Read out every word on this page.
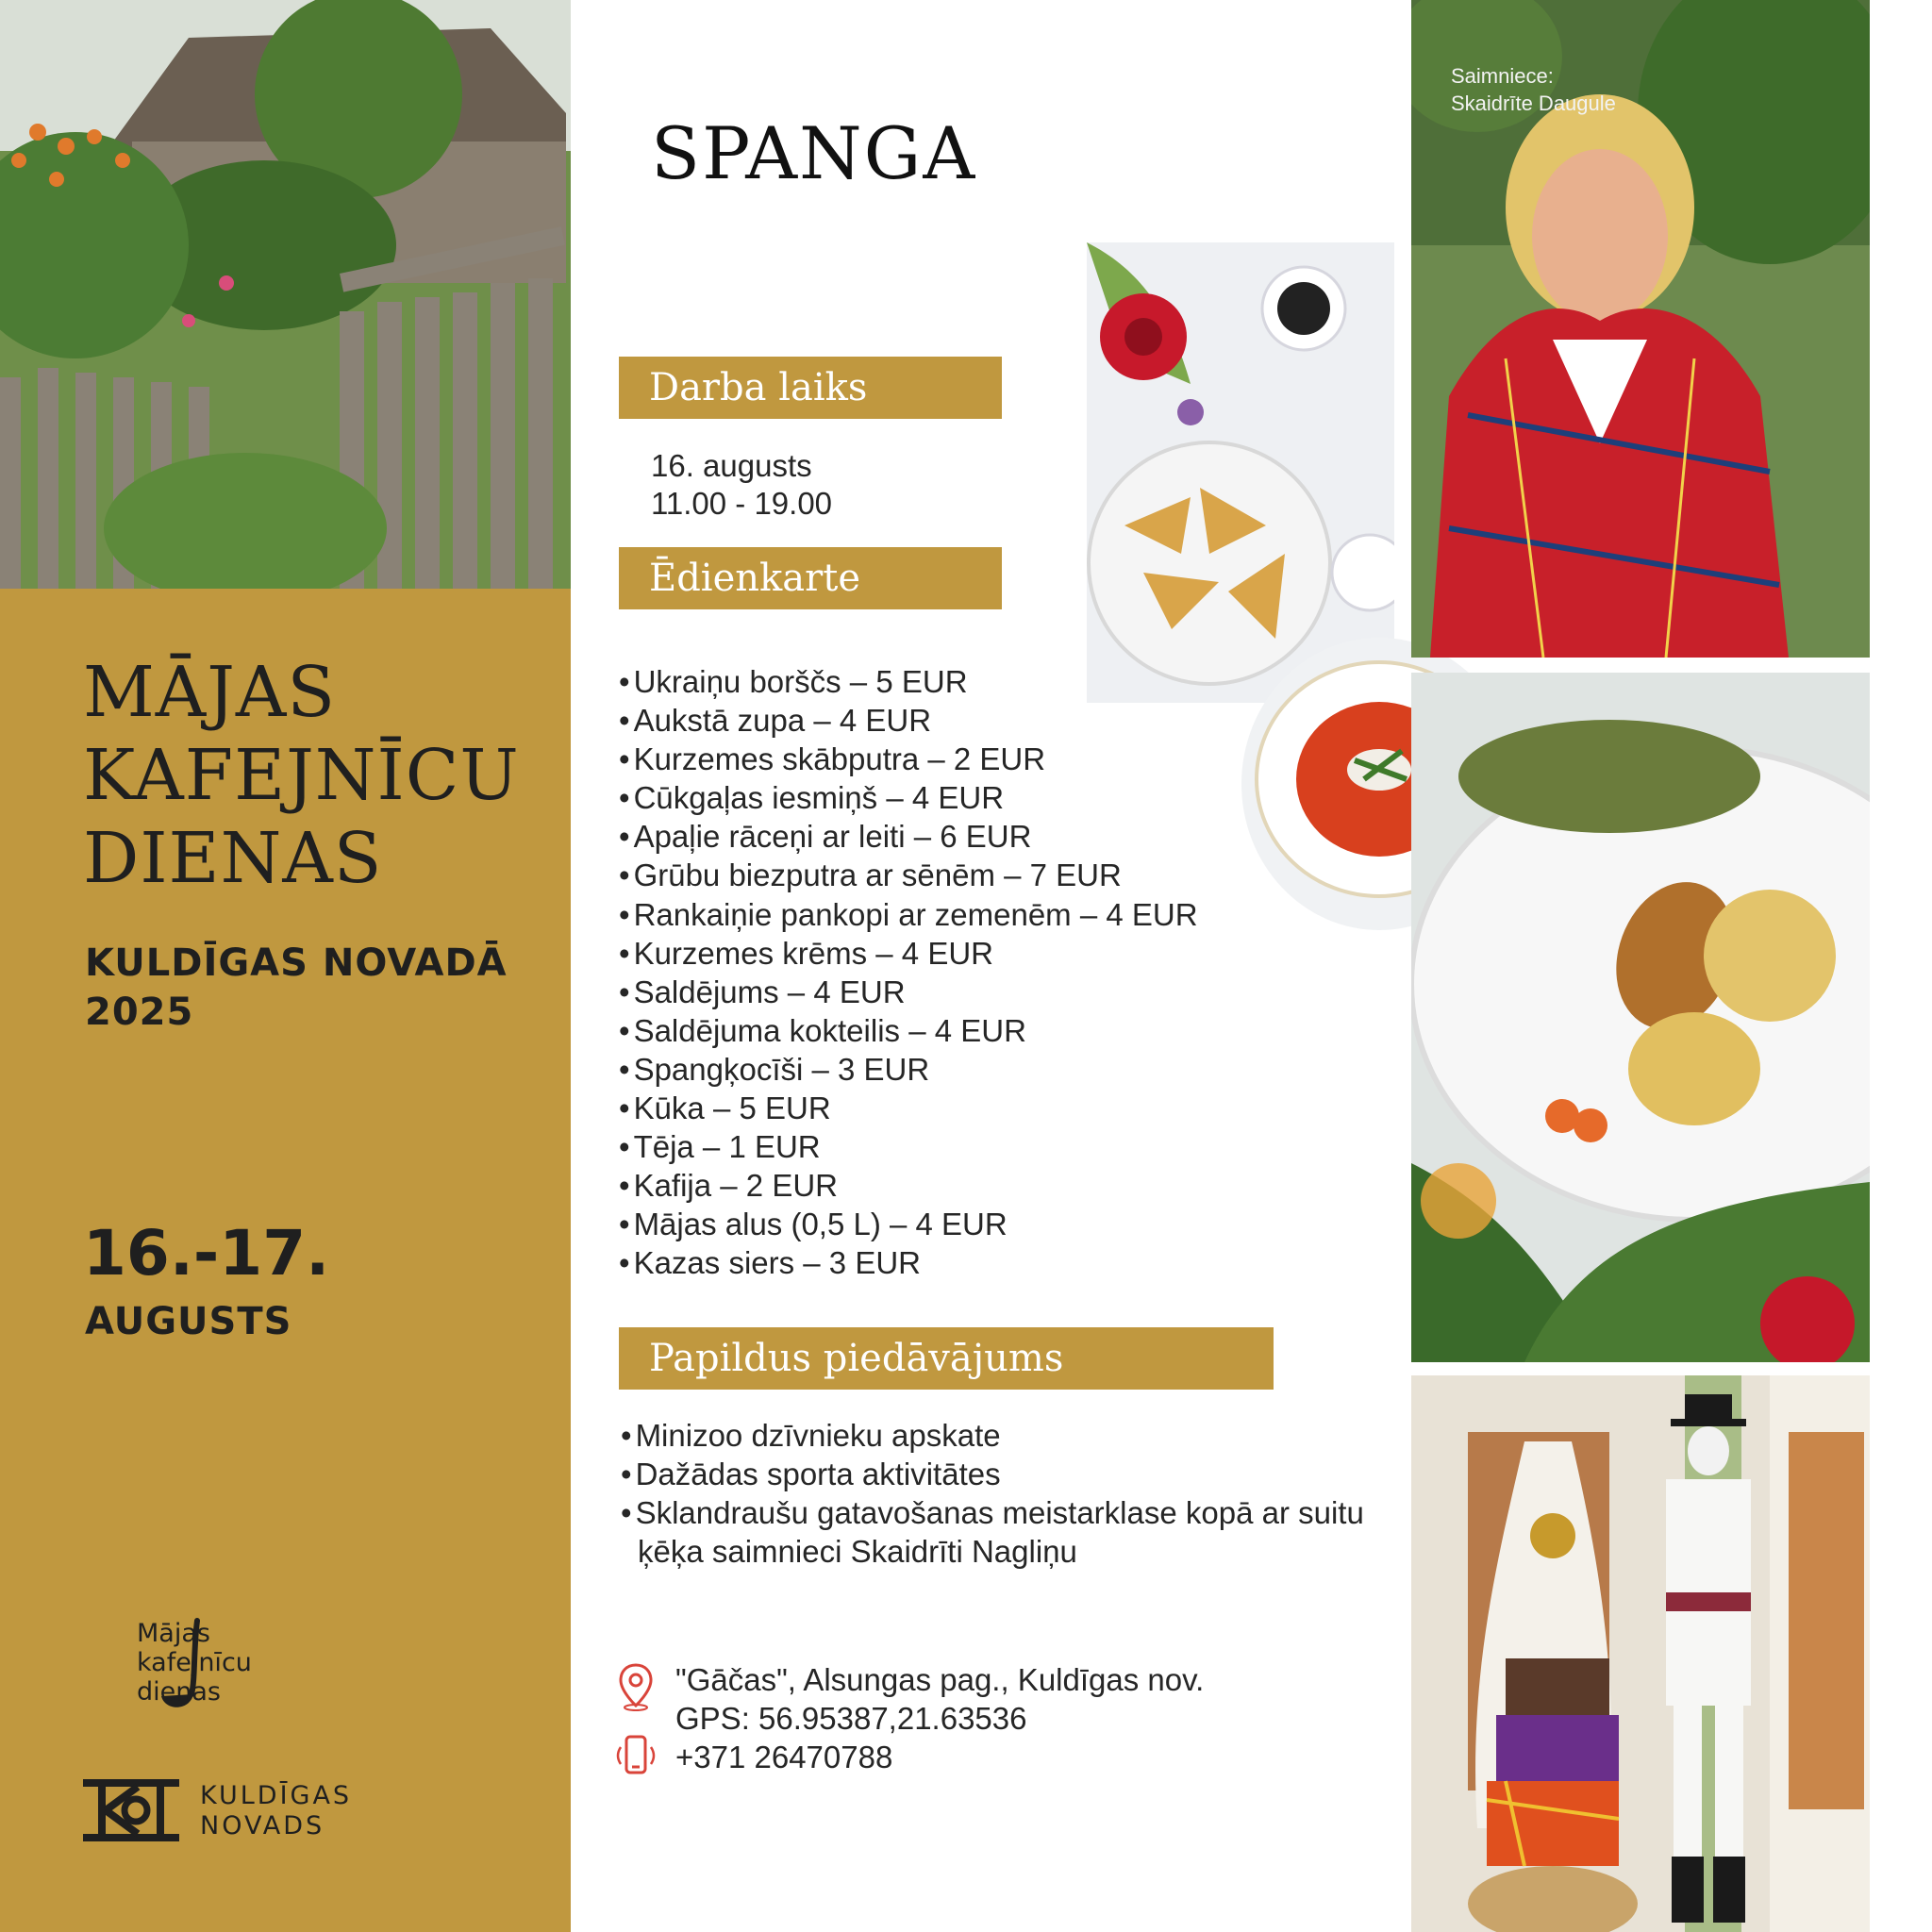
MĀJAS
KAFEJNĪCU
DIENAS
KULDĪGAS NOVADĀ
2025
16.-17.
AUGUSTS
Mājas
kafejnīcu
dienas
KULDĪGAS
NOVADS
SPANGA
Darba laiks
16. augusts
11.00 - 19.00
Ēdienkarte
• Ukraiņu borščs – 5 EUR
• Aukstā zupa – 4 EUR
• Kurzemes skābputra – 2 EUR
• Cūkgaļas iesmiņš – 4 EUR
• Apaļie rāceņi ar leiti – 6 EUR
• Grūbu biezputra ar sēnēm – 7 EUR
• Rankaiņie pankopi ar zemenēm – 4 EUR
• Kurzemes krēms – 4 EUR
• Saldējums – 4 EUR
• Saldējuma kokteilis – 4 EUR
• Spangķocīši – 3 EUR
• Kūka – 5 EUR
• Tēja – 1 EUR
• Kafija – 2 EUR
• Mājas alus (0,5 L) – 4 EUR
• Kazas siers – 3 EUR
Papildus piedāvājums
• Minizoo dzīvnieku apskate
• Dažādas sporta aktivitātes
• Sklandraušu gatavošanas meistarklase kopā ar suitu ķēķa saimnieci Skaidrīti Nagliņu
"Gāčas", Alsungas pag., Kuldīgas nov.
GPS: 56.95387,21.63536
+371 26470788
Saimniece:
Skaidrīte Daugule
